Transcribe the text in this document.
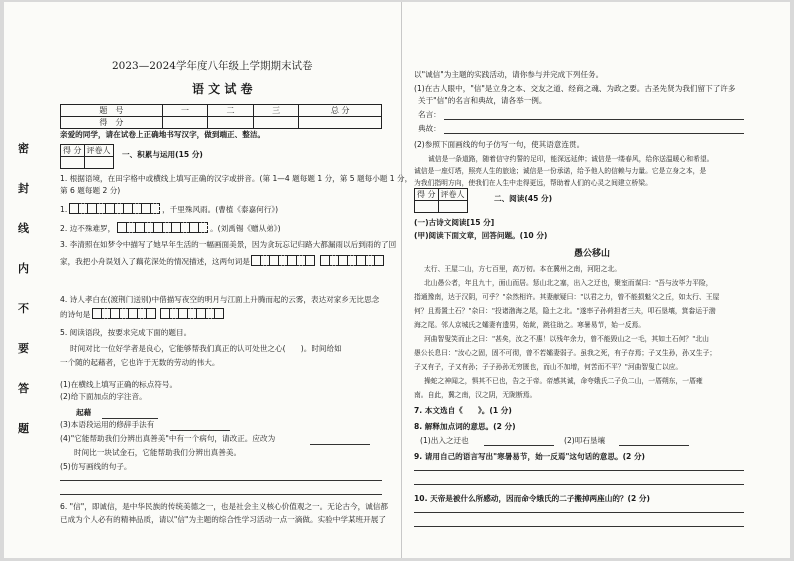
密
封
线
内
不
要
答
题
2023—2024学年度八年级上学期期末试卷
语 文 试 卷
题　号	一	二	三	总 分
得　分				
亲爱的同学，请在试卷上正确地书写汉字，做到端正、整洁。
得 分	评卷人
	一、积累与运用(15 分)
1. 根据语境，在田字格中或横线上填写正确的汉字或拼音。(第 1—4 题每题 1 分，第 5 题每小题 1 分，
第 6 题每题 2 分)
1.	，千里殊风雨。(曹植《泰嘉何行》)
2. 边不殊难罗，	。(刘禹锡《赠从弟》)
3. 李清照在如梦令中描写了她早年生活的一幅画面美景，因为贪玩忘记归路大都漏雨以后到雨的了回
家，我把小舟误划入了藕花深处的情况描述，这两句词是
4. 诗人孝白在(渡荆门送别)中借描写夜空的明月与江面上升腾而起的云雾，表达对家乡无比思念
的诗句是
5. 阅读语段，按要求完成下面的题目。
时间对比一位好学者是良心，它能够帮我们真正的认可处世之心(　　)。时间给如
一个随的起藉者，它也许于无数的劳动的伟大。
(1)在横线上填写正确的标点符号。
(2)给下面加点的字注音。
起藉
(3)本语段运用的修辞手法有
(4)"它能帮助我们分辨出真善美"中有一个病句，请改正。应改为
时间比一块试金石，它能帮助我们分辨出真善美。
(5)仿写画线的句子。
6. "信"，即诚信，是中华民族的传统美德之一，也是社会主义核心价值观之一。无论古今，诚信都
已成为个人必有的精神品质，请以"信"为主题的综合性学习活动一点一滴做。实验中学某班开展了
以"诚信"为主题的实践活动，请你参与并完成下列任务。
(1)在古人眼中，"信"是立身之本、交友之道、经商之魂、为政之要。古圣先贤为我们留下了许多
关于"信"的名言和典故，请各举一例。
名言：
典故：
(2)参照下面画线的句子仿写一句，使其语意连贯。
诚信是一条道路，随着信守约誓的足印，能深远延伸；诚信是一缕春风，给你送温暖心和希望。
诚信是一座灯塔，照亮人生的旅途；诚信是一份承诺，给予他人的信赖与力量。它是立身之本，是
为我们指明方向，使我们在人生中走得更远，帮助着人们的心灵之间建立桥梁。
得 分	评卷人
		二、阅读(45 分)
(一)古诗文阅读[15 分]
(甲)阅读下面文章，回答问题。(10 分)
愚公移山
太行、王屋二山，方七百里，高万仞。本在冀州之南，河阳之北。
北山愚公者，年且九十，面山而居。惩山北之塞，出入之迂也，聚室而谋曰："吾与汝毕力平险，
指通豫南，达于汉阴，可乎？"杂然相许。其妻献疑曰："以君之力，曾不能损魁父之丘，如太行、王屋
何？且焉置土石？"杂曰："投诸渤海之尾，隐土之北。"遂率子孙荷担者三夫，叩石垦壤，箕畚运于渤
海之尾。邻人京城氏之孀妻有遗男，始龀，跳往助之。寒暑易节，始一反焉。
河曲智叟笑而止之曰："甚矣，汝之不惠！以残年余力，曾不能毁山之一毛，其如土石何？"北山
愚公长息曰："汝心之固，固不可彻，曾不若孀妻弱子。虽我之死，有子存焉；子又生孙，孙又生子；
子又有子，子又有孙；子子孙孙无穷匮也，而山不加增，何苦而不平？"河曲智叟亡以应。
操蛇之神闻之，惧其不已也，告之于帝。帝感其诚，命夸娥氏二子负二山，一厝朔东，一厝雍
南。自此，冀之南，汉之阴，无陇断焉。
7. 本文选自《　　》。(1 分)
8. 解释加点词的意思。(2 分)
(1)出入之迂也	(2)叩石垦壤
9. 请用自己的语言写出"寒暑易节，始一反焉"这句话的意思。(2 分)
10. 天帝是被什么所感动，因而命令娥氏的二子搬掉两座山的？(2 分)
